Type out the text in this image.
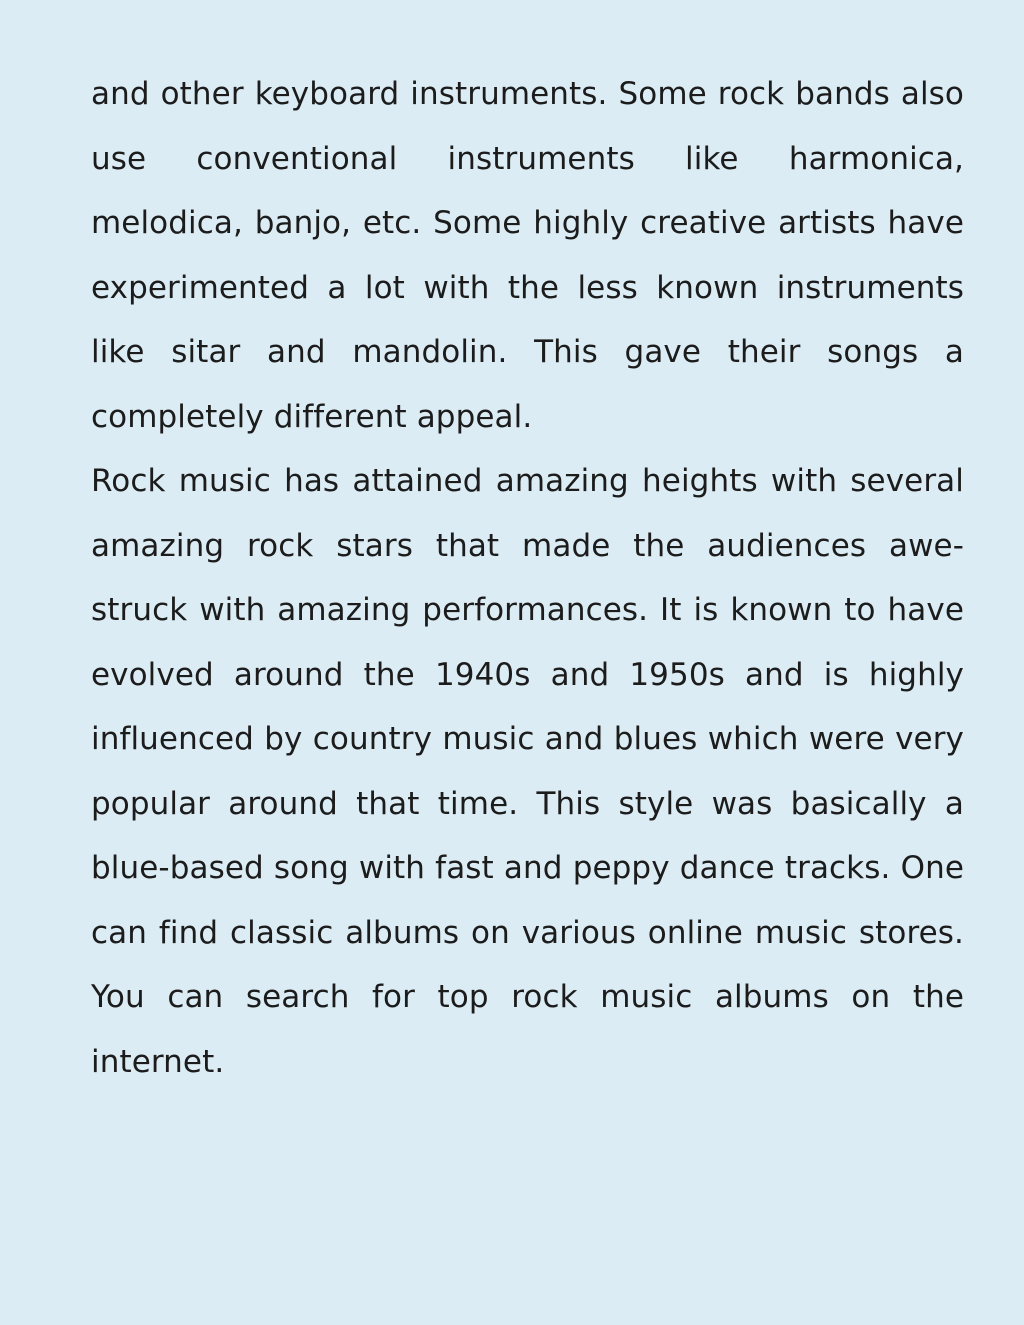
and other keyboard instruments. Some rock bands also use conventional instruments like harmonica, melodica, banjo, etc. Some highly creative artists have experimented a lot with the less known instruments like sitar and mandolin. This gave their songs a completely different appeal.

Rock music has attained amazing heights with several amazing rock stars that made the audiences awe-struck with amazing performances. It is known to have evolved around the 1940s and 1950s and is highly influenced by country music and blues which were very popular around that time. This style was basically a blue-based song with fast and peppy dance tracks. One can find classic albums on various online music stores. You can search for top rock music albums on the internet.
